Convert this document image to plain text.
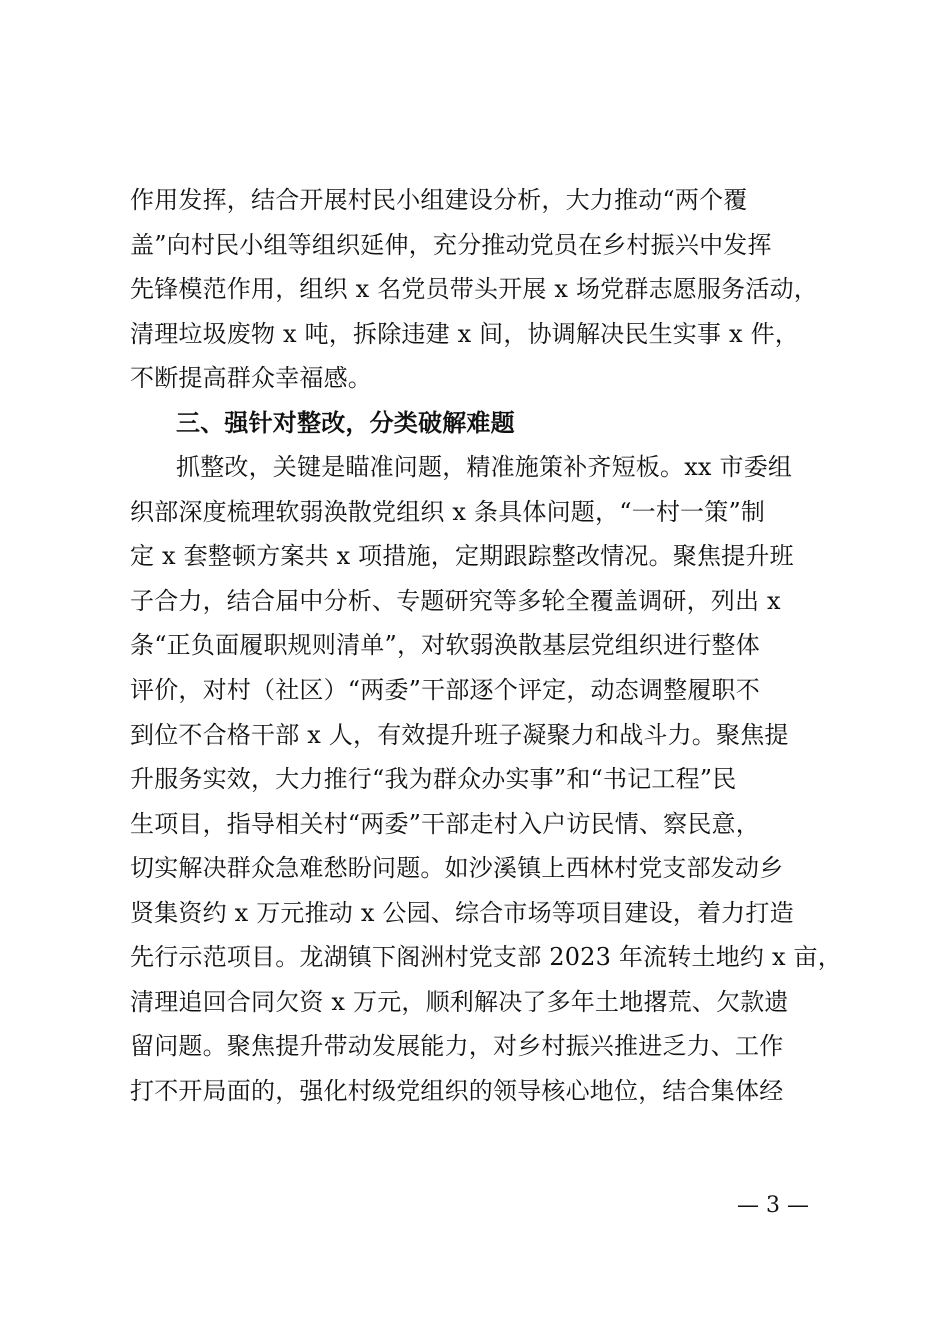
作用发挥，结合开展村民小组建设分析，大力推动“两个覆
盖”向村民小组等组织延伸，充分推动党员在乡村振兴中发挥
先锋模范作用，组织 x 名党员带头开展 x 场党群志愿服务活动，
清理垃圾废物 x 吨，拆除违建 x 间，协调解决民生实事 x 件，
不断提高群众幸福感。
三、强针对整改，分类破解难题
抓整改，关键是瞄准问题，精准施策补齐短板。xx 市委组
织部深度梳理软弱涣散党组织 x 条具体问题，“一村一策”制
定 x 套整顿方案共 x 项措施，定期跟踪整改情况。聚焦提升班
子合力，结合届中分析、专题研究等多轮全覆盖调研，列出 x
条“正负面履职规则清单”，对软弱涣散基层党组织进行整体
评价，对村（社区）“两委”干部逐个评定，动态调整履职不
到位不合格干部 x 人，有效提升班子凝聚力和战斗力。聚焦提
升服务实效，大力推行“我为群众办实事”和“书记工程”民
生项目，指导相关村“两委”干部走村入户访民情、察民意，
切实解决群众急难愁盼问题。如沙溪镇上西林村党支部发动乡
贤集资约 x 万元推动 x 公园、综合市场等项目建设，着力打造
先行示范项目。龙湖镇下阁洲村党支部 2023 年流转土地约 x 亩，
清理追回合同欠资 x 万元，顺利解决了多年土地撂荒、欠款遗
留问题。聚焦提升带动发展能力，对乡村振兴推进乏力、工作
打不开局面的，强化村级党组织的领导核心地位，结合集体经
— 3 —
